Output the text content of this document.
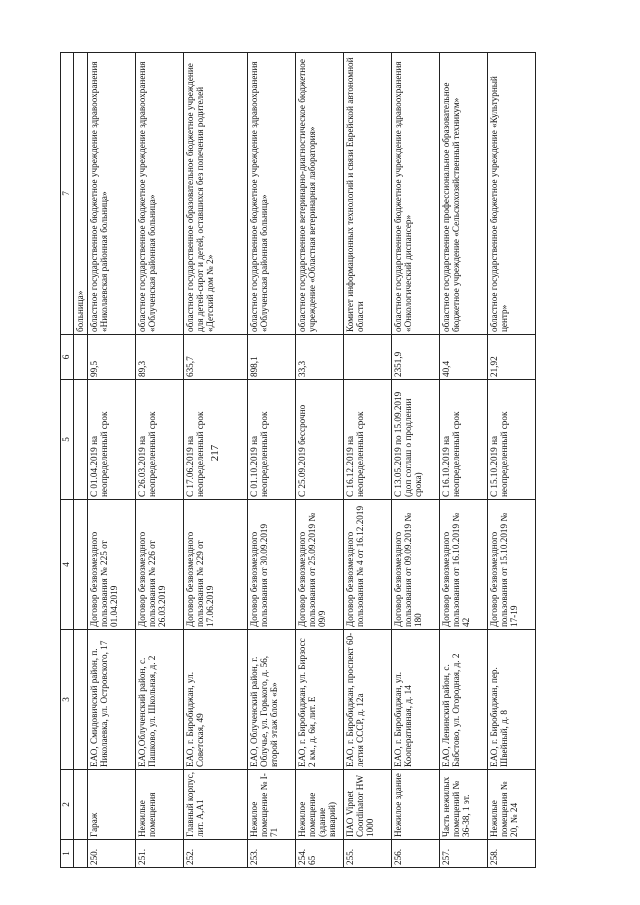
217
1	2	3	4	5	6	7
						больница»
250.	Гараж	ЕАО, Смидовичский район, п. Николаевка, ул. Островского, 17	Договор безвозмездного пользования № 225 от 01.04.2019	С 01.04.2019 на неопределенный срок	99,5	областное государственное бюджетное учреждение здравоохранения «Николаевская районная больница»
251.	Нежилые помещения	ЕАО,Облученский район, с. Пашково, ул. Школьная, д. 2	Договор безвозмездного пользования № 226 от 26.03.2019	С 26.03.2019 на неопределенный срок	89,3	областное государственное бюджетное учреждение здравоохранения «Облученская районная больница»
252.	Главный корпус, лит. А,А1	ЕАО, г. Биробиджан, ул. Советская, 49	Договор безвозмездного пользования № 229 от 17.06.2019	С 17.06.2019 на неопределенный срок	635,7	областное государственное образовательное бюджетное учреждение для детей-сирот и детей, оставшихся без попечения родителей «Детский дом № 2»
253.	Нежилое помещение № I-71	ЕАО, Облученский район, г. Облучье, ул. Горького, д. 56, второй этаж блок «Б»	Договор безвозмездного пользования от 30.09.2019	С 01.10.2019 на неопределенный срок	898,1	областное государственное бюджетное учреждение здравоохранения «Облученская районная больница»
254. 65	Нежилое помещение (здание виварий)	ЕАО, г. Биробиджан, ул. Бирзосс 2 км., д. 6и, лит. Е	Договор безвозмездного пользования от 25.09.2019 № 09/9	С 25.09.2019 бессрочно	33,3	областное государственное ветеринарно-диагностическое бюджетное учреждение «Областная ветеринарная лаборатория»
255.	ПАО Vipnet Coordinator HW 1000	ЕАО, г. Биробиджан, проспект 60-летия СССР, д. 12а	Договор безвозмездного пользования № 4 от 16.12.2019	С 16.12.2019 на неопределенный срок		Комитет информационных технологий и связи Еврейской автономной области
256.	Нежилое здание	ЕАО, г. Биробиджан, ул. Кооперативная, д. 14	Договор безвозмездного пользования от 09.09.2019 № 180	С 13.05.2019 по 15.09.2019 (доп соглаш о продлении срока)	2351,9	областное государственное бюджетное учреждение здравоохранения «Онкологический диспансер»
257.	Часть нежилых помещений № 36-38, 1 эт.	ЕАО, Ленинский район, с. Бабстово, ул. Огородная, д. 2	Договор безвозмездного пользования от 16.10.2019 № 42	С 16.10.2019 на неопределенный срок	40,4	областное государственное профессиональное образовательное бюджетное учреждение «Сельскохозяйственный техникум»
258.	Нежилые помещения № 20, № 24	ЕАО, г. Биробиджан, пер. Швейный, д. 8	Договор безвозмездного пользования от 15.10.2019 № 17-19	С 15.10.2019 на неопределенный срок	21,92	областное государственное бюджетное учреждение «Культурный центр»
